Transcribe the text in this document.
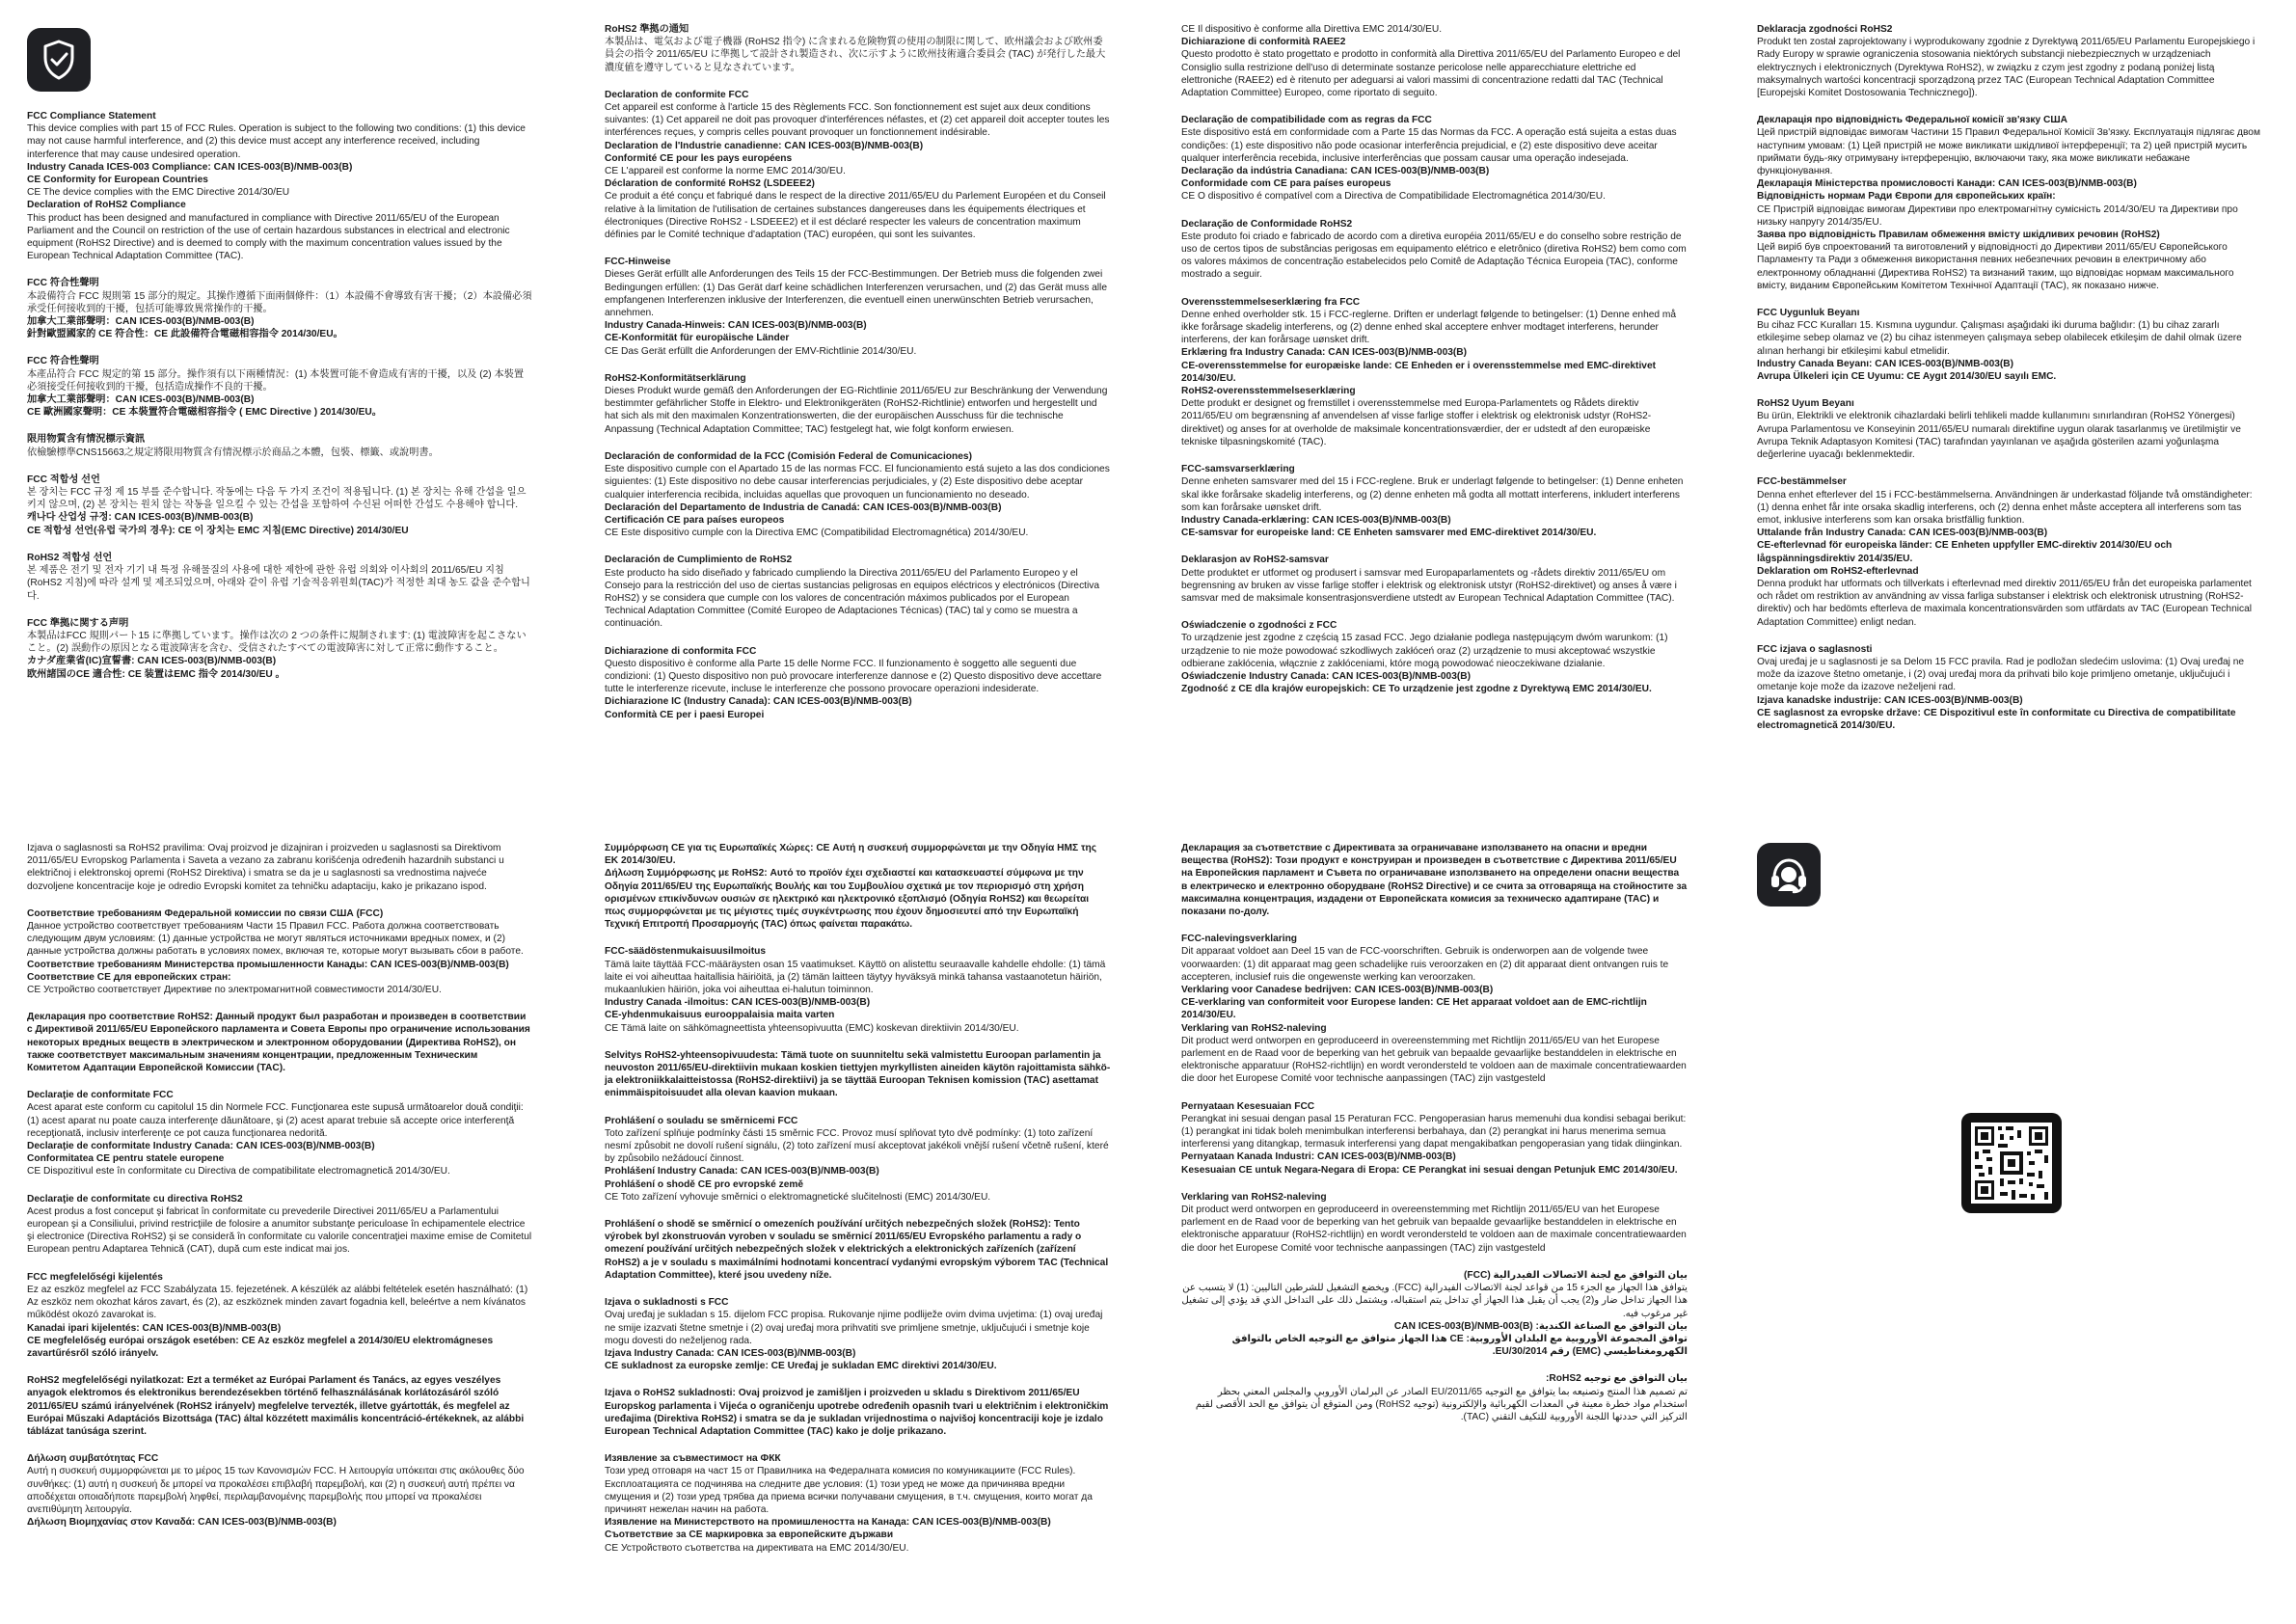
FCC Compliance Statement

This device complies with part 15 of FCC Rules. Operation is subject to the following two conditions: (1) this device may not cause harmful interference, and (2) this device must accept any interference received, including interference that may cause undesired operation.

Industry Canada ICES-003 Compliance: CAN ICES-003(B)/NMB-003(B)

CE Conformity for European Countries

CE The device complies with the EMC Directive 2014/30/EU

Declaration of RoHS2 Compliance

This product has been designed and manufactured in compliance with Directive 2011/65/EU of the European Parliament and the Council on restriction of the use of certain hazardous substances in electrical and electronic equipment (RoHS2 Directive) and is deemed to comply with the maximum concentration values issued by the European Technical Adaptation Committee (TAC).

FCC 符合性聲明

本設備符合 FCC 規則第 15 部分的規定。其操作遵循下面兩個條件：（1）本設備不會導致有害干擾；（2）本設備必須承受任何接收到的干擾，包括可能導致異常操作的干擾。

加拿大工業部聲明：CAN ICES-003(B)/NMB-003(B)

針對歐盟國家的 CE 符合性：CE 此設備符合電磁相容指令 2014/30/EU。

FCC 符合性聲明

本產品符合 FCC 規定的第 15 部分。操作須有以下兩種情況：(1) 本裝置可能不會造成有害的干擾，以及 (2) 本裝置必須接受任何接收到的干擾，包括造成操作不良的干擾。

加拿大工業部聲明：CAN ICES-003(B)/NMB-003(B)

CE 歐洲國家聲明：CE 本裝置符合電磁相容指令 ( EMC Directive ) 2014/30/EU。

限用物質含有情況標示資訊

依檢驗標準CNS15663之規定將限用物質含有情況標示於商品之本體，包裝、標籤、或說明書。

FCC 적합성 선언

본 장치는 FCC 규정 제 15 부를 준수합니다. 작동에는 다음 두 가지 조건이 적용됩니다. (1) 본 장치는 유해 간섭을 일으키지 않으며, (2) 본 장치는 원치 않는 작동을 일으킬 수 있는 간섭을 포함하여 수신된 어떠한 간섭도 수용해야 합니다.

캐나다 산업성 규정: CAN ICES-003(B)/NMB-003(B)

CE 적합성 선언(유럽 국가의 경우): CE 이 장치는 EMC 지침(EMC Directive) 2014/30/EU

RoHS2 적합성 선언

본 제품은 전기 및 전자 기기 내 특정 유해물질의 사용에 대한 제한에 관한 유럽 의회와 이사회의 2011/65/EU 지침(RoHS2 지침)에 따라 설계 및 제조되었으며, 아래와 같이 유럽 기술적응위원회(TAC)가 적정한 최대 농도 값을 준수합니다.

FCC 準拠に関する声明

本製品はFCC 規則パート15 に準拠しています。操作は次の 2 つの条件に規制されます: (1) 電波障害を起こさないこと。(2) 誤動作の原因となる電波障害を含む、受信されたすべての電波障害に対して正常に動作すること。

カナダ産業省(IC)宣誓書: CAN ICES-003(B)/NMB-003(B)

欧州諸国のCE 適合性: CE 装置はEMC 指令 2014/30/EU 。

RoHS2 準拠の通知

本製品は、電気および電子機器 (RoHS2 指令) に含まれる危険物質の使用の制限に関して、欧州議会および欧州委員会の指令 2011/65/EU に準拠して設計され製造され、次に示すように欧州技術適合委員会 (TAC) が発行した最大濃度値を遵守していると見なされています。

Declaration de conformite FCC

Cet appareil est conforme à l'article 15 des Règlements FCC. Son fonctionnement est sujet aux deux conditions suivantes: (1) Cet appareil ne doit pas provoquer d'interférences néfastes, et (2) cet appareil doit accepter toutes les interférences reçues, y compris celles pouvant provoquer un fonctionnement indésirable.

Declaration de l'Industrie canadienne: CAN ICES-003(B)/NMB-003(B)

Conformité CE pour les pays européens

CE L'appareil est conforme la norme EMC 2014/30/EU.

Déclaration de conformité RoHS2 (LSDEEE2)

Ce produit a été conçu et fabriqué dans le respect de la directive 2011/65/EU du Parlement Européen et du Conseil relative à la limitation de l'utilisation de certaines substances dangereuses dans les équipements électriques et électroniques (Directive RoHS2 - LSDEEE2) et il est déclaré respecter les valeurs de concentration maximum définies par le Comité technique d'adaptation (TAC) européen, qui sont les suivantes.

FCC-Hinweise

Dieses Gerät erfüllt alle Anforderungen des Teils 15 der FCC-Bestimmungen. Der Betrieb muss die folgenden zwei Bedingungen erfüllen: (1) Das Gerät darf keine schädlichen Interferenzen verursachen, und (2) das Gerät muss alle empfangenen Interferenzen inklusive der Interferenzen, die eventuell einen unerwünschten Betrieb verursachen, annehmen.

Industry Canada-Hinweis: CAN ICES-003(B)/NMB-003(B)

CE-Konformität für europäische Länder

CE Das Gerät erfüllt die Anforderungen der EMV-Richtlinie 2014/30/EU.

RoHS2-Konformitätserklärung

Dieses Produkt wurde gemäß den Anforderungen der EG-Richtlinie 2011/65/EU zur Beschränkung der Verwendung bestimmter gefährlicher Stoffe in Elektro- und Elektronikgeräten (RoHS2-Richtlinie) entworfen und hergestellt und hat sich als mit den maximalen Konzentrationswerten, die der europäischen Ausschuss für die technische Anpassung (Technical Adaptation Committee; TAC) festgelegt hat, wie folgt konform erwiesen.

Declaración de conformidad de la FCC (Comisión Federal de Comunicaciones)

Este dispositivo cumple con el Apartado 15 de las normas FCC. El funcionamiento está sujeto a las dos condiciones siguientes: (1) Este dispositivo no debe causar interferencias perjudiciales, y (2) Este dispositivo debe aceptar cualquier interferencia recibida, incluidas aquellas que provoquen un funcionamiento no deseado.

Declaración del Departamento de Industria de Canadá: CAN ICES-003(B)/NMB-003(B)

Certificación CE para países europeos

CE Este dispositivo cumple con la Directiva EMC (Compatibilidad Electromagnética) 2014/30/EU.

Declaración de Cumplimiento de RoHS2

Este producto ha sido diseñado y fabricado cumpliendo la Directiva 2011/65/EU del Parlamento Europeo y el Consejo para la restricción del uso de ciertas sustancias peligrosas en equipos eléctricos y electrónicos (Directiva RoHS2) y se considera que cumple con los valores de concentración máximos publicados por el European Technical Adaptation Committee (Comité Europeo de Adaptaciones Técnicas) (TAC) tal y como se muestra a continuación.

Dichiarazione di conformita FCC

Questo dispositivo è conforme alla Parte 15 delle Norme FCC. Il funzionamento è soggetto alle seguenti due condizioni: (1) Questo dispositivo non può provocare interferenze dannose e (2) Questo dispositivo deve accettare tutte le interferenze ricevute, incluse le interferenze che possono provocare operazioni indesiderate.

Dichiarazione IC (Industry Canada): CAN ICES-003(B)/NMB-003(B)

Conformità CE per i paesi Europei

CE Il dispositivo è conforme alla Direttiva EMC 2014/30/EU.

Dichiarazione di conformità RAEE2

Questo prodotto è stato progettato e prodotto in conformità alla Direttiva 2011/65/EU del Parlamento Europeo e del Consiglio sulla restrizione dell'uso di determinate sostanze pericolose nelle apparecchiature elettriche ed elettroniche (RAEE2) ed è ritenuto per adeguarsi ai valori massimi di concentrazione redatti dal TAC (Technical Adaptation Committee) Europeo, come riportato di seguito.

Declaração de compatibilidade com as regras da FCC

Este dispositivo está em conformidade com a Parte 15 das Normas da FCC. A operação está sujeita a estas duas condições: (1) este dispositivo não pode ocasionar interferência prejudicial, e (2) este dispositivo deve aceitar qualquer interferência recebida, inclusive interferências que possam causar uma operação indesejada.

Declaração da indústria Canadiana: CAN ICES-003(B)/NMB-003(B)

Conformidade com CE para países europeus

CE O dispositivo é compatível com a Directiva de Compatibilidade Electromagnética 2014/30/EU.

Declaração de Conformidade RoHS2

Este produto foi criado e fabricado de acordo com a diretiva européia 2011/65/EU e do conselho sobre restrição de uso de certos tipos de substâncias perigosas em equipamento elétrico e eletrônico (diretiva RoHS2) bem como com os valores máximos de concentração estabelecidos pelo Comitê de Adaptação Técnica Europeia (TAC), conforme mostrado a seguir.

Overensstemmelseserklæring fra FCC

Denne enhed overholder stk. 15 i FCC-reglerne. Driften er underlagt følgende to betingelser: (1) Denne enhed må ikke forårsage skadelig interferens, og (2) denne enhed skal acceptere enhver modtaget interferens, herunder interferens, der kan forårsage uønsket drift.

Erklæring fra Industry Canada: CAN ICES-003(B)/NMB-003(B)

CE-overensstemmelse for europæiske lande: CE Enheden er i overensstemmelse med EMC-direktivet 2014/30/EU.

RoHS2-overensstemmelseserklæring

Dette produkt er designet og fremstillet i overensstemmelse med Europa-Parlamentets og Rådets direktiv 2011/65/EU om begrænsning af anvendelsen af visse farlige stoffer i elektrisk og elektronisk udstyr (RoHS2-direktivet) og anses for at overholde de maksimale koncentrationsværdier, der er udstedt af den europæiske tekniske tilpasningskomité (TAC).

FCC-samsvarserklæring

Denne enheten samsvarer med del 15 i FCC-reglene. Bruk er underlagt følgende to betingelser: (1) Denne enheten skal ikke forårsake skadelig interferens, og (2) denne enheten må godta all mottatt interferens, inkludert interferens som kan forårsake uønsket drift.

Industry Canada-erklæring: CAN ICES-003(B)/NMB-003(B)

CE-samsvar for europeiske land: CE Enheten samsvarer med EMC-direktivet 2014/30/EU.

Deklarasjon av RoHS2-samsvar

Dette produktet er utformet og produsert i samsvar med Europaparlamentets og -rådets direktiv 2011/65/EU om begrensning av bruken av visse farlige stoffer i elektrisk og elektronisk utstyr (RoHS2-direktivet) og anses å være i samsvar med de maksimale konsentrasjonsverdiene utstedt av European Technical Adaptation Committee (TAC).

Oświadczenie o zgodności z FCC

To urządzenie jest zgodne z częścią 15 zasad FCC. Jego działanie podlega następującym dwóm warunkom: (1) urządzenie to nie może powodować szkodliwych zakłóceń oraz (2) urządzenie to musi akceptować wszystkie odbierane zakłócenia, włącznie z zakłóceniami, które mogą powodować nieoczekiwane działanie.

Oświadczenie Industry Canada: CAN ICES-003(B)/NMB-003(B)

Zgodność z CE dla krajów europejskich: CE To urządzenie jest zgodne z Dyrektywą EMC 2014/30/EU.

Deklaracja zgodności RoHS2

Produkt ten został zaprojektowany i wyprodukowany zgodnie z Dyrektywą 2011/65/EU Parlamentu Europejskiego i Rady Europy w sprawie ograniczenia stosowania niektórych substancji niebezpiecznych w urządzeniach elektrycznych i elektronicznych (Dyrektywa RoHS2), w związku z czym jest zgodny z podaną poniżej listą maksymalnych wartości koncentracji sporządzoną przez TAC (European Technical Adaptation Committee [Europejski Komitet Dostosowania Technicznego]).

Декларація про відповідність Федеральної комісії зв'язку США

Цей пристрій відповідає вимогам Частини 15 Правил Федеральної Комісії Зв'язку. Експлуатація підлягає двом наступним умовам: (1) Цей пристрій не може викликати шкідливої інтерференції; та 2) цей пристрій мусить приймати будь-яку отримувану інтерференцію, включаючи таку, яка може викликати небажане функціонування.

Декларація Міністерства промисловості Канади: CAN ICES-003(B)/NMB-003(B)

Відповідність нормам Ради Європи для європейських країн:

CE Пристрій відповідає вимогам Директиви про електромагнітну сумісність 2014/30/EU та Директиви про низьку напругу 2014/35/EU.

Заява про відповідність Правилам обмеження вмісту шкідливих речовин (RoHS2)

Цей виріб був спроектований та виготовлений у відповідності до Директиви 2011/65/EU Європейського Парламенту та Ради з обмеження використання певних небезпечних речовин в електричному або електронному обладнанні (Директива RoHS2) та визнаний таким, що відповідає нормам максимального вмісту, виданим Європейським Комітетом Технічної Адаптації (TAC), як показано нижче.

FCC Uygunluk Beyanı

Bu cihaz FCC Kuralları 15. Kısmına uygundur. Çalışması aşağıdaki iki duruma bağlıdır: (1) bu cihaz zararlı etkileşime sebep olamaz ve (2) bu cihaz istenmeyen çalışmaya sebep olabilecek etkileşim de dahil olmak üzere alınan herhangi bir etkileşimi kabul etmelidir.

Industry Canada Beyanı: CAN ICES-003(B)/NMB-003(B)

Avrupa Ülkeleri için CE Uyumu: CE Aygıt 2014/30/EU sayılı EMC.

RoHS2 Uyum Beyanı

Bu ürün, Elektrikli ve elektronik cihazlardaki belirli tehlikeli madde kullanımını sınırlandıran (RoHS2 Yönergesi) Avrupa Parlamentosu ve Konseyinin 2011/65/EU numaralı direktifine uygun olarak tasarlanmış ve üretilmiştir ve Avrupa Teknik Adaptasyon Komitesi (TAC) tarafından yayınlanan ve aşağıda gösterilen azami yoğunlaşma değerlerine uyacağı beklenmektedir.

FCC-bestämmelser

Denna enhet efterlever del 15 i FCC-bestämmelserna. Användningen är underkastad följande två omständigheter: (1) denna enhet får inte orsaka skadlig interferens, och (2) denna enhet måste acceptera all interferens som tas emot, inklusive interferens som kan orsaka bristfällig funktion.

Uttalande från Industry Canada: CAN ICES-003(B)/NMB-003(B)

CE-efterlevnad för europeiska länder: CE Enheten uppfyller EMC-direktiv 2014/30/EU och lågspänningsdirektiv 2014/35/EU.

Deklaration om RoHS2-efterlevnad

Denna produkt har utformats och tillverkats i efterlevnad med direktiv 2011/65/EU från det europeiska parlamentet och rådet om restriktion av användning av vissa farliga substanser i elektrisk och elektronisk utrustning (RoHS2-direktiv) och har bedömts efterleva de maximala koncentrationsvärden som utfärdats av TAC (European Technical Adaptation Committee) enligt nedan.

FCC izjava o saglasnosti

Ovaj uređaj je u saglasnosti je sa Delom 15 FCC pravila. Rad je podložan sledećim uslovima: (1) Ovaj uređaj ne može da izazove štetno ometanje, i (2) ovaj uređaj mora da prihvati bilo koje primljeno ometanje, uključujući i ometanje koje može da izazove neželjeni rad.

Izjava kanadske industrije: CAN ICES-003(B)/NMB-003(B)

CE saglasnost za evropske države: CE Dispozitivul este în conformitate cu Directiva de compatibilitate electromagnetică 2014/30/EU.

Izjava o saglasnosti sa RoHS2 pravilima: Ovaj proizvod je dizajniran i proizveden u saglasnosti sa Direktivom 2011/65/EU Evropskog Parlamenta i Saveta a vezano za zabranu korišćenja određenih hazardnih substanci u električnoj i elektronskoj opremi (RoHS2 Direktiva) i smatra se da je u saglasnosti sa vrednostima najveće dozvoljene koncentracije koje je odredio Evropski komitet za tehničku adaptaciju, kako je prikazano ispod.

Соответствие требованиям Федеральной комиссии по связи США (FCC)

Данное устройство соответствует требованиям Части 15 Правил FCC. Работа должна соответствовать следующим двум условиям: (1) данные устройства не могут являться источниками вредных помех, и (2) данные устройства должны работать в условиях помех, включая те, которые могут вызывать сбои в работе.

Соответствие требованиям Министерства промышленности Канады: CAN ICES-003(B)/NMB-003(B)

Соответствие CE для европейских стран:

CE Устройство соответствует Директиве по электромагнитной совместимости 2014/30/EU.

Декларация про соответствие RoHS2: Данный продукт был разработан и произведен в соответствии с Директивой 2011/65/EU Европейского парламента и Совета Европы про ограничение использования некоторых вредных веществ в электрическом и электронном оборудовании (Директива RoHS2), он также соответствует максимальным значениям концентрации, предложенным Техническим Комитетом Адаптации Европейской Комиссии (TAC).

Declaraţie de conformitate FCC

Acest aparat este conform cu capitolul 15 din Normele FCC. Funcţionarea este supusă următoarelor două condiţii: (1) acest aparat nu poate cauza interferenţe dăunătoare, şi (2) acest aparat trebuie să accepte orice interferenţă recepţionată, inclusiv interferenţe ce pot cauza funcţionarea nedorită.

Declaraţie de conformitate Industry Canada: CAN ICES-003(B)/NMB-003(B)

Conformitatea CE pentru statele europene

CE Dispozitivul este în conformitate cu Directiva de compatibilitate electromagnetică 2014/30/EU.

Declaraţie de conformitate cu directiva RoHS2

Acest produs a fost conceput şi fabricat în conformitate cu prevederile Directivei 2011/65/EU a Parlamentului european şi a Consiliului, privind restricţiile de folosire a anumitor substanţe periculoase în echipamentele electrice şi electronice (Directiva RoHS2) şi se consideră în conformitate cu valorile concentraţiei maxime emise de Comitetul European pentru Adaptarea Tehnică (CAT), după cum este indicat mai jos.

FCC megfelelőségi kijelentés

Ez az eszköz megfelel az FCC Szabályzata 15. fejezetének. A készülék az alábbi feltételek esetén használható: (1) Az eszköz nem okozhat káros zavart, és (2), az eszköznek minden zavart fogadnia kell, beleértve a nem kívánatos működést okozó zavarokat is.

Kanadai ipari kijelentés: CAN ICES-003(B)/NMB-003(B)

CE megfelelőség európai országok esetében: CE Az eszköz megfelel a 2014/30/EU elektromágneses zavartűrésről szóló irányelv.

RoHS2 megfelelőségi nyilatkozat: Ezt a terméket az Európai Parlament és Tanács, az egyes veszélyes anyagok elektromos és elektronikus berendezésekben történő felhasználásának korlátozásáról szóló 2011/65/EU számú irányelvének (RoHS2 irányelv) megfelelve tervezték, illetve gyártották, és megfelel az Európai Műszaki Adaptációs Bizottsága (TAC) által közzétett maximális koncentráció-értékeknek, az alábbi táblázat tanúsága szerint.

Δήλωση συμβατότητας FCC

Αυτή η συσκευή συμμορφώνεται με το μέρος 15 των Κανονισμών FCC. Η λειτουργία υπόκειται στις ακόλουθες δύο συνθήκες: (1) αυτή η συσκευή δε μπορεί να προκαλέσει επιβλαβή παρεμβολή, και (2) η συσκευή αυτή πρέπει να αποδέχεται οποιαδήποτε παρεμβολή ληφθεί, περιλαμβανομένης παρεμβολής που μπορεί να προκαλέσει ανεπιθύμητη λειτουργία.

Δήλωση Βιομηχανίας στον Καναδά: CAN ICES-003(B)/NMB-003(B)

Συμμόρφωση CE για τις Ευρωπαϊκές Χώρες: CE Αυτή η συσκευή συμμορφώνεται με την Οδηγία ΗΜΣ της ΕΚ 2014/30/EU.

Δήλωση Συμμόρφωσης με RoHS2: Αυτό το προϊόν έχει σχεδιαστεί και κατασκευαστεί σύμφωνα με την Οδηγία 2011/65/EU της Ευρωπαϊκής Βουλής και του Συμβουλίου σχετικά με τον περιορισμό στη χρήση ορισμένων επικίνδυνων ουσιών σε ηλεκτρικό και ηλεκτρονικό εξοπλισμό (Οδηγία RoHS2) και θεωρείται πως συμμορφώνεται με τις μέγιστες τιμές συγκέντρωσης που έχουν δημοσιευτεί από την Ευρωπαϊκή Τεχνική Επιτροπή Προσαρμογής (TAC) όπως φαίνεται παρακάτω.

FCC-säädöstenmukaisuusilmoitus

Tämä laite täyttää FCC-määräysten osan 15 vaatimukset. Käyttö on alistettu seuraavalle kahdelle ehdolle: (1) tämä laite ei voi aiheuttaa haitallisia häiriöitä, ja (2) tämän laitteen täytyy hyväksyä minkä tahansa vastaanotetun häiriön, mukaanlukien häiriön, joka voi aiheuttaa ei-halutun toiminnon.

Industry Canada -ilmoitus: CAN ICES-003(B)/NMB-003(B)

CE-yhdenmukaisuus eurooppalaisia maita varten

CE Tämä laite on sähkömagneettista yhteensopivuutta (EMC) koskevan direktiivin 2014/30/EU.

Selvitys RoHS2-yhteensopivuudesta: Tämä tuote on suunniteltu sekä valmistettu Euroopan parlamentin ja neuvoston 2011/65/EU-direktiivin mukaan koskien tiettyjen myrkyllisten aineiden käytön rajoittamista sähkö- ja elektroniikkalaitteistossa (RoHS2-direktiivi) ja se täyttää Euroopan Teknisen komission (TAC) asettamat enimmäispitoisuudet alla olevan kaavion mukaan.

Prohlášení o souladu se směrnicemi FCC

Toto zařízení splňuje podmínky části 15 směrnic FCC. Provoz musí splňovat tyto dvě podmínky: (1) toto zařízení nesmí způsobit ne dovolí rušení signálu, (2) toto zařízení musí akceptovat jakékoli vnější rušení včetně rušení, které by způsobilo nežádoucí činnost.

Prohlášení Industry Canada: CAN ICES-003(B)/NMB-003(B)

Prohlášení o shodě CE pro evropské země

CE Toto zařízení vyhovuje směrnici o elektromagnetické slučitelnosti (EMC) 2014/30/EU.

Prohlášení o shodě se směrnicí o omezeních používání určitých nebezpečných složek (RoHS2): Tento výrobek byl zkonstruován vyroben v souladu se směrnicí 2011/65/EU Evropského parlamentu a rady o omezení používání určitých nebezpečných složek v elektrických a elektronických zařízeních (zařízení RoHS2) a je v souladu s maximálními hodnotami koncentrací vydanými evropským výborem TAC (Technical Adaptation Committee), které jsou uvedeny níže.

Izjava o sukladnosti s FCC

Ovaj uređaj je sukladan s 15. dijelom FCC propisa. Rukovanje njime podliježe ovim dvima uvjetima: (1) ovaj uređaj ne smije izazvati štetne smetnje i (2) ovaj uređaj mora prihvatiti sve primljene smetnje, uključujući i smetnje koje mogu dovesti do neželjenog rada.

Izjava Industry Canada: CAN ICES-003(B)/NMB-003(B)

CE sukladnost za europske zemlje: CE Uređaj je sukladan EMC direktivi 2014/30/EU.

Izjava o RoHS2 sukladnosti: Ovaj proizvod je zamišljen i proizveden u skladu s Direktivom 2011/65/EU Europskog parlamenta i Vijeća o ograničenju upotrebe određenih opasnih tvari u električnim i elektroničkim uređajima (Direktiva RoHS2) i smatra se da je sukladan vrijednostima o najvišoj koncentraciji koje je izdalo European Technical Adaptation Committee (TAC) kako je dolje prikazano.

Изявление за съвместимост на ФКК

Този уред отговаря на част 15 от Правилника на Федералната комисия по комуникациите (FCC Rules). Експлоатацията се подчинява на следните две условия: (1) този уред не може да причинява вредни смущения и (2) този уред трябва да приема всички получавани смущения, в т.ч. смущения, които могат да причинят нежелан начин на работа.

Изявление на Министерството на промишлеността на Канада: CAN ICES-003(B)/NMB-003(B)

Съответствие за CE маркировка за европейските държави

CE Устройството съответства на директивата на EMC 2014/30/EU.

Декларация за съответствие с Директивата за ограничаване използването на опасни и вредни вещества (RoHS2): Този продукт е конструиран и произведен в съответствие с Директива 2011/65/EU на Европейския парламент и Съвета по ограничаване използването на определени опасни вещества в електрическо и електронно оборудване (RoHS2 Directive) и се счита за отговаряща на стойностите за максимална концентрация, издадени от Европейската комисия за техническо адаптиране (TAC) и показани по-долу.

FCC-nalevingsverklaring

Dit apparaat voldoet aan Deel 15 van de FCC-voorschriften. Gebruik is onderworpen aan de volgende twee voorwaarden: (1) dit apparaat mag geen schadelijke ruis veroorzaken en (2) dit apparaat dient ontvangen ruis te accepteren, inclusief ruis die ongewenste werking kan veroorzaken.

Verklaring voor Canadese bedrijven: CAN ICES-003(B)/NMB-003(B)

CE-verklaring van conformiteit voor Europese landen: CE Het apparaat voldoet aan de EMC-richtlijn 2014/30/EU.

Verklaring van RoHS2-naleving

Dit product werd ontworpen en geproduceerd in overeenstemming met Richtlijn 2011/65/EU van het Europese parlement en de Raad voor de beperking van het gebruik van bepaalde gevaarlijke bestanddelen in elektrische en elektronische apparatuur (RoHS2-richtlijn) en wordt verondersteld te voldoen aan de maximale concentratiewaarden die door het Europese Comité voor technische aanpassingen (TAC) zijn vastgesteld

Pernyataan Kesesuaian FCC

Perangkat ini sesuai dengan pasal 15 Peraturan FCC. Pengoperasian harus memenuhi dua kondisi sebagai berikut: (1) perangkat ini tidak boleh menimbulkan interferensi berbahaya, dan (2) perangkat ini harus menerima semua interferensi yang ditangkap, termasuk interferensi yang dapat mengakibatkan pengoperasian yang tidak diinginkan.

Pernyataan Kanada Industri: CAN ICES-003(B)/NMB-003(B)

Kesesuaian CE untuk Negara-Negara di Eropa: CE Perangkat ini sesuai dengan Petunjuk EMC 2014/30/EU.

Verklaring van RoHS2-naleving

Dit product werd ontworpen en geproduceerd in overeenstemming met Richtlijn 2011/65/EU van het Europese parlement en de Raad voor de beperking van het gebruik van bepaalde gevaarlijke bestanddelen in elektrische en elektronische apparatuur (RoHS2-richtlijn) en wordt verondersteld te voldoen aan de maximale concentratiewaarden die door het Europese Comité voor technische aanpassingen (TAC) zijn vastgesteld

بيان التوافق مع لجنة الاتصالات الفيدرالية (FCC)

يتوافق هذا الجهاز مع الجزء 15 من قواعد لجنة الاتصالات الفيدرالية (FCC). ويخضع التشغيل للشرطين التاليين: (1) لا يتسبب عن هذا الجهاز تداخل ضار و(2) يجب أن يقبل هذا الجهاز أي تداخل يتم استقباله، ويشتمل ذلك على التداخل الذي قد يؤدي إلى تشغيل غير مرغوب فيه.

بيان التوافق مع الصناعة الكندية: CAN ICES-003(B)/NMB-003(B)

توافق المجموعة الأوروبية مع البلدان الأوروبية: CE هذا الجهاز متوافق مع التوجيه الخاص بالتوافق الكهرومغناطيسي (EMC) رقم EU/30/2014.

بيان التوافق مع توجيه RoHS2:

تم تصميم هذا المنتج وتصنيعه بما يتوافق مع التوجيه 2011/65/EU الصادر عن البرلمان الأوروبي والمجلس المعني بحظر استخدام مواد خطرة معينة في المعدات الكهربائية والإلكترونية (توجيه RoHS2) ومن المتوقع أن يتوافق مع الحد الأقصى لقيم التركيز التي حددتها اللجنة الأوروبية للتكيف التقني (TAC).
